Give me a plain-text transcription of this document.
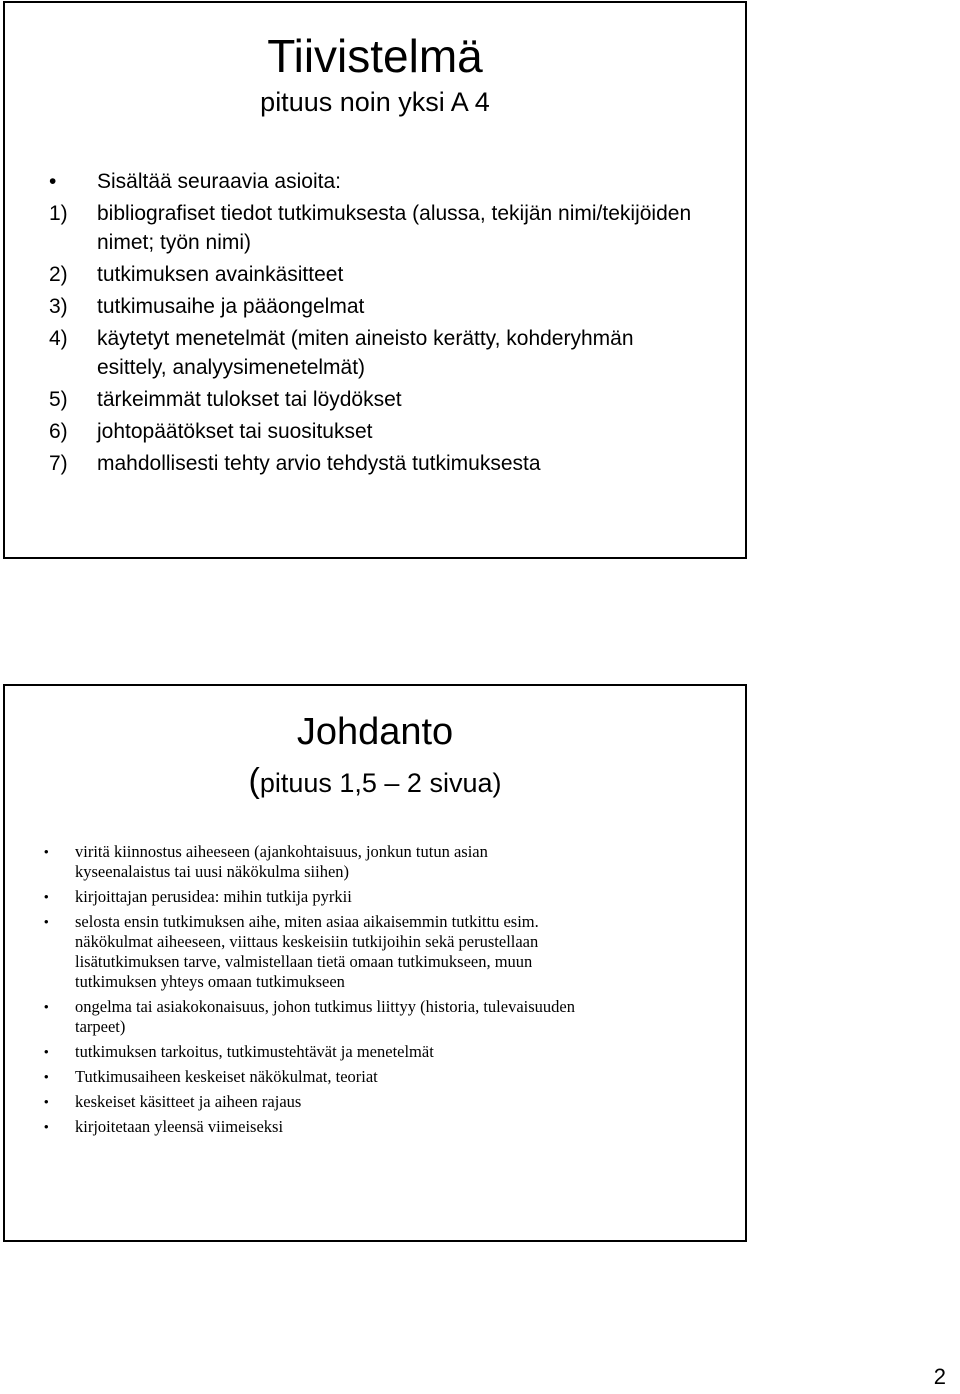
Tiivistelmä
pituus noin yksi A 4
• Sisältää seuraavia asioita:
1) bibliografiset tiedot tutkimuksesta (alussa, tekijän nimi/tekijöiden nimet; työn nimi)
2) tutkimuksen avainkäsitteet
3) tutkimusaihe ja pääongelmat
4) käytetyt menetelmät (miten aineisto kerätty, kohderyhmän esittely, analyysimenetelmät)
5) tärkeimmät tulokset tai löydökset
6) johtopäätökset tai suositukset
7) mahdollisesti tehty arvio tehdystä tutkimuksesta
Johdanto
(pituus 1,5 – 2 sivua)
• viritä kiinnostus aiheeseen (ajankohtaisuus, jonkun tutun asian
kyseenalaistus tai uusi näkökulma siihen)
• kirjoittajan perusidea: mihin tutkija pyrkii
• selosta ensin tutkimuksen aihe, miten asiaa aikaisemmin tutkittu esim.
näkökulmat aiheeseen, viittaus keskeisiin tutkijoihin sekä perustellaan
lisätutkimuksen tarve, valmistellaan tietä omaan tutkimukseen, muun
tutkimuksen yhteys omaan tutkimukseen
• ongelma tai asiakokonaisuus, johon tutkimus liittyy (historia, tulevaisuuden
tarpeet)
• tutkimuksen tarkoitus, tutkimustehtävät ja menetelmät
• Tutkimusaiheen keskeiset näkökulmat, teoriat
• keskeiset käsitteet ja aiheen rajaus
• kirjoitetaan yleensä viimeiseksi
2
